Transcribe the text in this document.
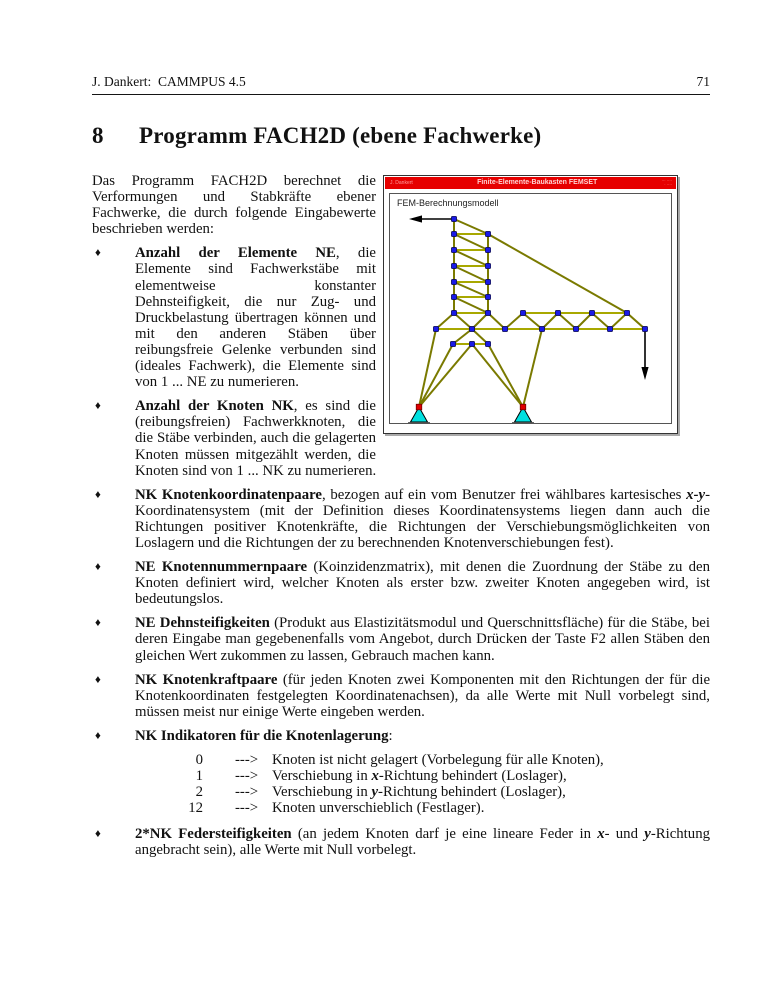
J. Dankert:  CAMMPUS 4.5	71
8	Programm FACH2D (ebene Fachwerke)
J. Dankert	Finite-Elemente-Baukasten FEMSET	··· ····
· ····
FEM-Berechnungsmodell

Das Programm FACH2D berechnet die Verformungen und Stabkräfte ebener Fachwerke, die durch folgende Eingabewerte beschrieben werden:

♦ Anzahl der Elemente NE, die Elemente sind Fachwerkstäbe mit elementweise konstanter Dehnsteifigkeit, die nur Zug- und Druckbelastung übertragen können und mit den anderen Stäben über reibungsfreie Gelenke verbunden sind (ideales Fachwerk), die Elemente sind von 1 ... NE zu numerieren.
♦ Anzahl der Knoten NK, es sind die (reibungsfreien) Fachwerkknoten, die die Stäbe verbinden, auch die gelagerten Knoten müssen mitgezählt werden, die Knoten sind von 1 ... NK zu numerieren.
♦ NK Knotenkoordinatenpaare, bezogen auf ein vom Benutzer frei wählbares kartesisches x-y-Koordinatensystem (mit der Definition dieses Koordinatensystems liegen dann auch die Richtungen positiver Knotenkräfte, die Richtungen der Verschiebungsmöglichkeiten von Loslagern und die Richtungen der zu berechnenden Knotenverschiebungen fest).
♦ NE Knotennummernpaare (Koinzidenzmatrix), mit denen die Zuordnung der Stäbe zu den Knoten definiert wird, welcher Knoten als erster bzw. zweiter Knoten angegeben wird, ist bedeutungslos.
♦ NE Dehnsteifigkeiten (Produkt aus Elastizitätsmodul und Querschnittsfläche) für die Stäbe, bei deren Eingabe man gegebenenfalls vom Angebot, durch Drücken der Taste F2 allen Stäben den gleichen Wert zukommen zu lassen, Gebrauch machen kann.
♦ NK Knotenkraftpaare (für jeden Knoten zwei Komponenten mit den Richtungen der für die Knotenkoordinaten festgelegten Koordinatenachsen), da alle Werte mit Null vorbelegt sind, müssen meist nur einige Werte eingeben werden.
♦ NK Indikatoren für die Knotenlagerung:
0	---> Knoten ist nicht gelagert (Vorbelegung für alle Knoten),
1	---> Verschiebung in x-Richtung behindert (Loslager),
2	---> Verschiebung in y-Richtung behindert (Loslager),
12	---> Knoten unverschieblich (Festlager).
♦ 2*NK Federsteifigkeiten (an jedem Knoten darf je eine lineare Feder in x- und y-Richtung angebracht sein), alle Werte mit Null vorbelegt.
